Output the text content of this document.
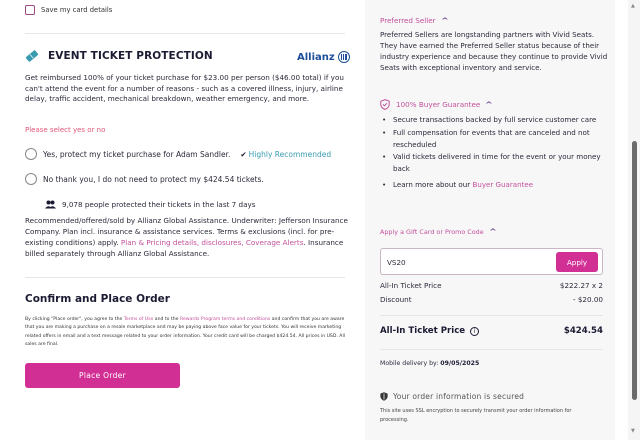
Save my card details
EVENT TICKET PROTECTION	Allianz

Get reimbursed 100% of your ticket purchase for $23.00 per person ($46.00 total) if you can't attend the event for a number of reasons - such as a covered illness, injury, airline delay, traffic accident, mechanical breakdown, weather emergency, and more.

Please select yes or no
Yes, protect my ticket purchase for Adam Sandler. ✔ Highly Recommended
No thank you, I do not need to protect my $424.54 tickets.
9,078 people protected their tickets in the last 7 days

Recommended/offered/sold by Allianz Global Assistance. Underwriter: Jefferson Insurance Company. Plan incl. insurance & assistance services. Terms & exclusions (incl. for pre-existing conditions) apply. Plan & Pricing details, disclosures, Coverage Alerts. Insurance billed separately through Allianz Global Assistance.

Confirm and Place Order

By clicking "Place order", you agree to the Terms of Use and to the Rewards Program terms and conditions and confirm that you are aware that you are making a purchase on a resale marketplace and may be paying above face value for your tickets. You will receive marketing related offers in email and a text message related to your order information. Your credit card will be charged $424.54. All prices in USD. All sales are final.

Place Order
Preferred Seller ^

Preferred Sellers are longstanding partners with Vivid Seats. They have earned the Preferred Seller status because of their industry experience and because they continue to provide Vivid Seats with exceptional inventory and service.

100% Buyer Guarantee ^
• Secure transactions backed by full service customer care
• Full compensation for events that are canceled and not rescheduled
• Valid tickets delivered in time for the event or your money back
• Learn more about our Buyer Guarantee
Apply a Gift Card or Promo Code ^
VS20
Apply
All-In Ticket Price	$222.27 x 2
Discount	- $20.00
All-In Ticket Price	i	$424.54
Mobile delivery by: 09/05/2025
Your order information is secured

This site uses SSL encryption to securely transmit your order information for processing.

▲
▼
